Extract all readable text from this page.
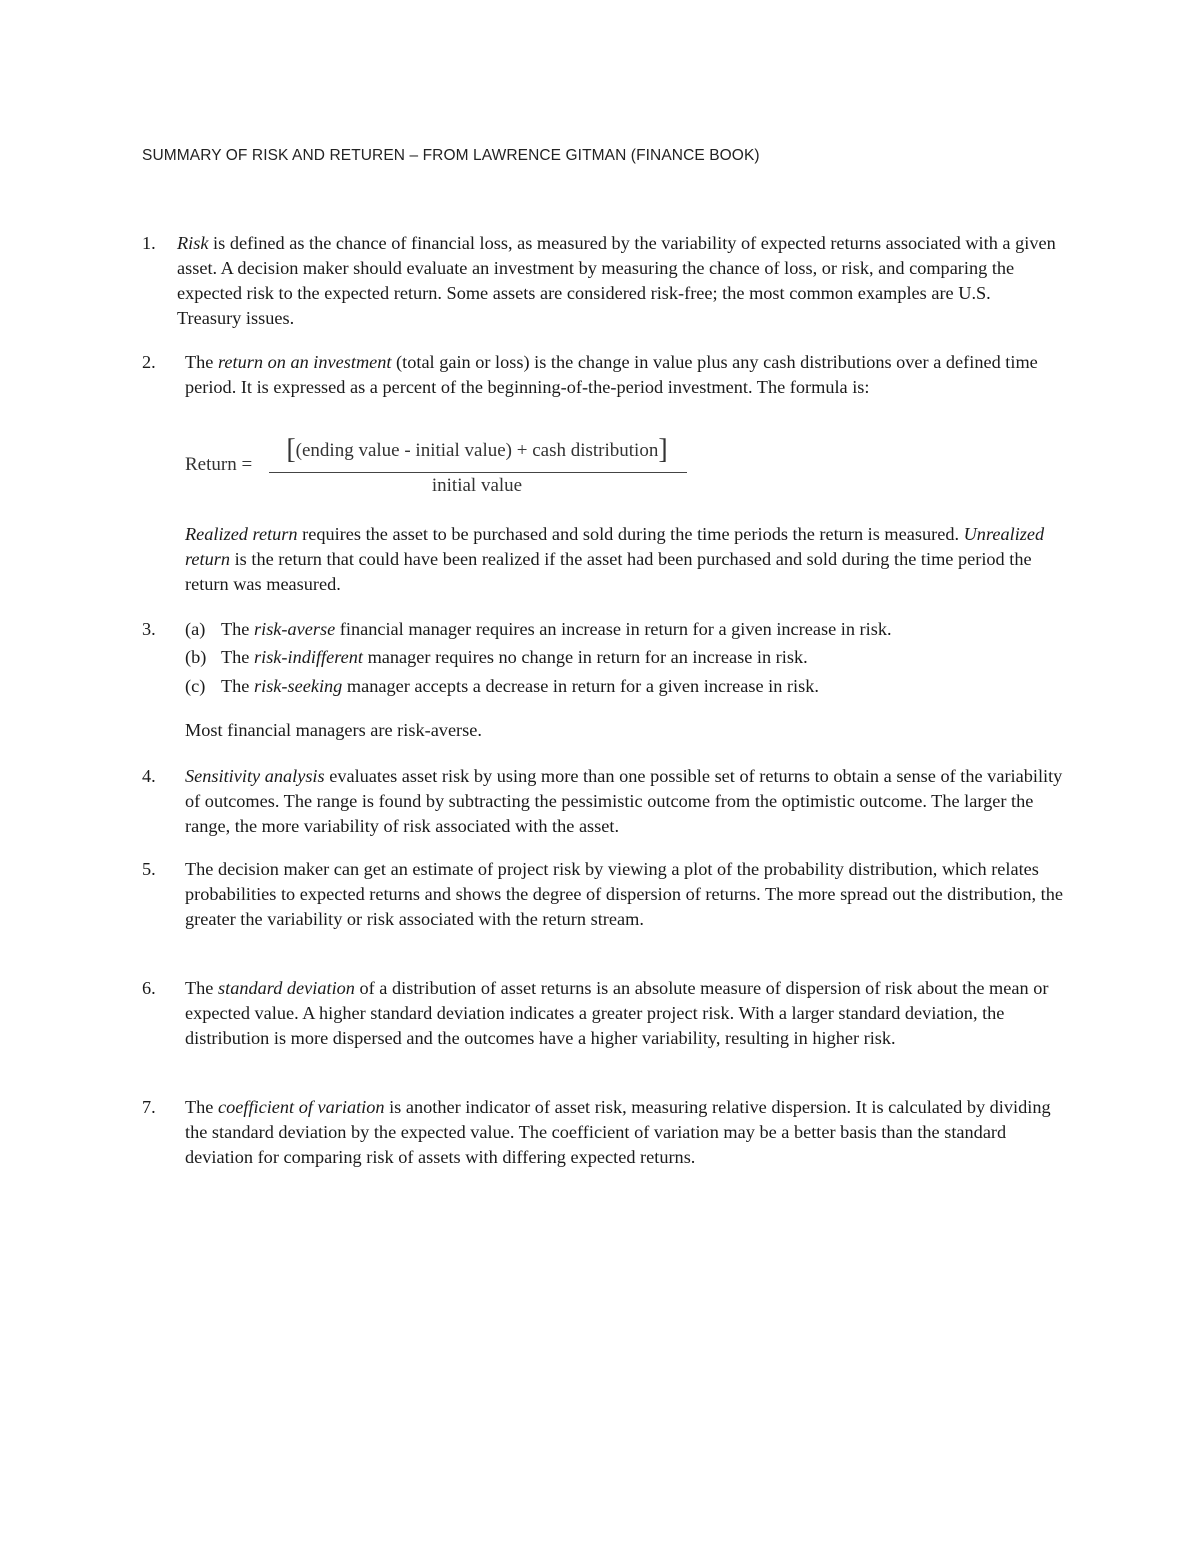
SUMMARY OF RISK AND RETUREN – FROM LAWRENCE GITMAN (FINANCE BOOK)
1. Risk is defined as the chance of financial loss, as measured by the variability of expected returns associated with a given asset. A decision maker should evaluate an investment by measuring the chance of loss, or risk, and comparing the expected risk to the expected return. Some assets are considered risk-free; the most common examples are U.S. Treasury issues.
2. The return on an investment (total gain or loss) is the change in value plus any cash distributions over a defined time period. It is expressed as a percent of the beginning-of-the-period investment. The formula is:
Return =	[(ending value - initial value) + cash distribution]
initial value
Realized return requires the asset to be purchased and sold during the time periods the return is measured. Unrealized return is the return that could have been realized if the asset had been purchased and sold during the time period the return was measured.
3. (a) The risk-averse financial manager requires an increase in return for a given increase in risk.
(b) The risk-indifferent manager requires no change in return for an increase in risk.
(c) The risk-seeking manager accepts a decrease in return for a given increase in risk.
Most financial managers are risk-averse.
4. Sensitivity analysis evaluates asset risk by using more than one possible set of returns to obtain a sense of the variability of outcomes. The range is found by subtracting the pessimistic outcome from the optimistic outcome. The larger the range, the more variability of risk associated with the asset.
5. The decision maker can get an estimate of project risk by viewing a plot of the probability distribution, which relates probabilities to expected returns and shows the degree of dispersion of returns. The more spread out the distribution, the greater the variability or risk associated with the return stream.
6. The standard deviation of a distribution of asset returns is an absolute measure of dispersion of risk about the mean or expected value. A higher standard deviation indicates a greater project risk. With a larger standard deviation, the distribution is more dispersed and the outcomes have a higher variability, resulting in higher risk.
7. The coefficient of variation is another indicator of asset risk, measuring relative dispersion. It is calculated by dividing the standard deviation by the expected value. The coefficient of variation may be a better basis than the standard deviation for comparing risk of assets with differing expected returns.
